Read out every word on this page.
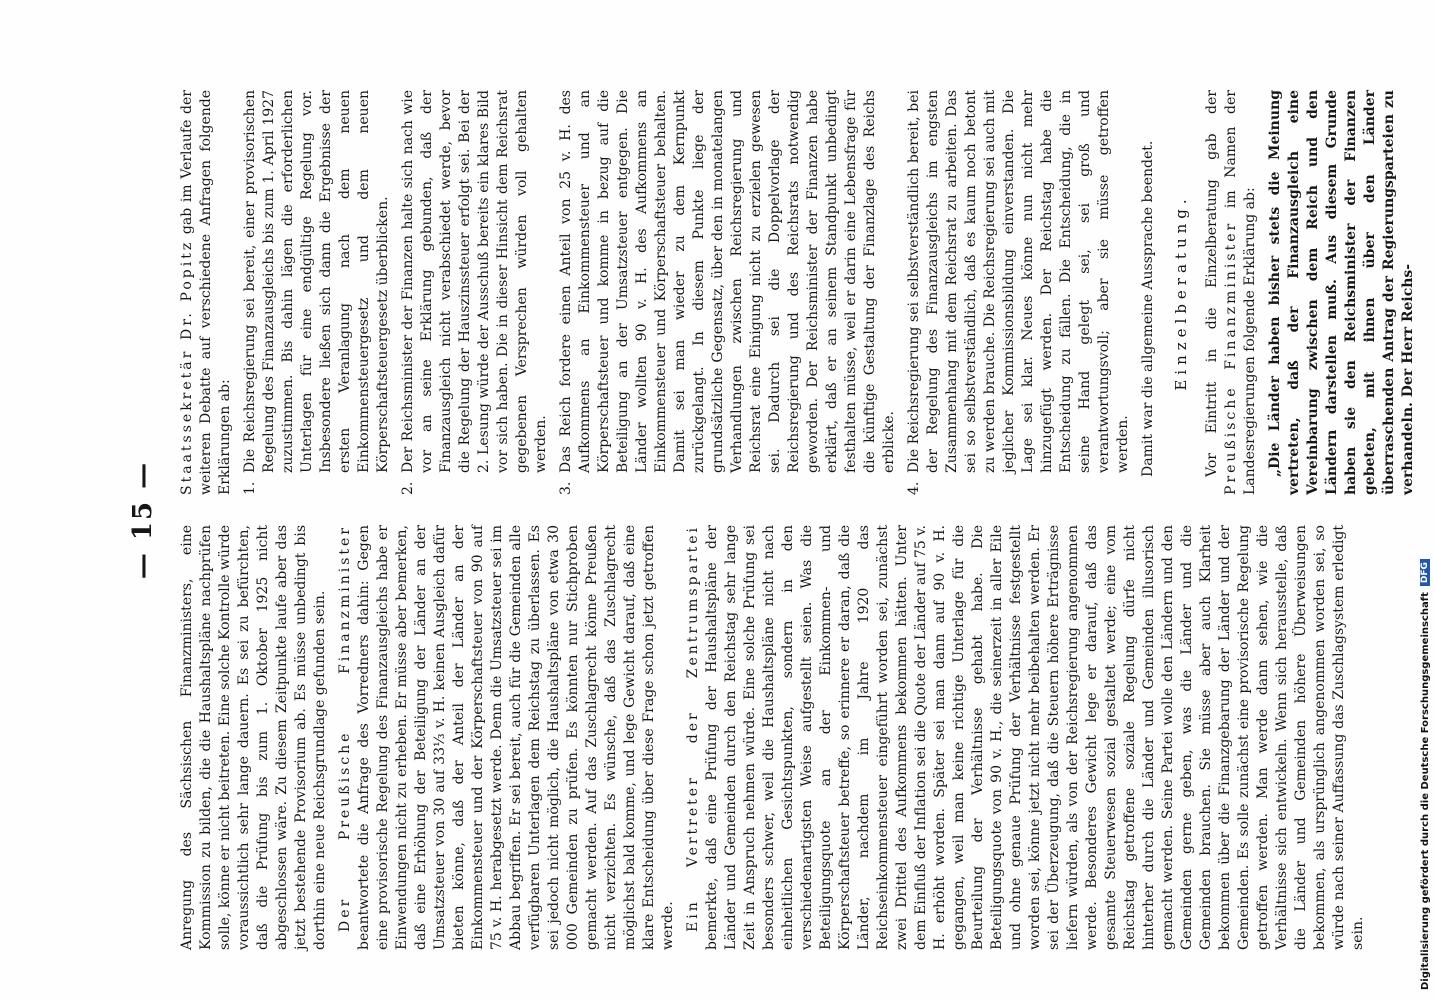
— 15 —

Anregung des Sächsischen Finanzministers, eine Kommission zu bilden, die die Haushaltspläne nachprüfen solle, könne er nicht beitreten. Eine solche Kontrolle würde voraussichtlich sehr lange dauern. Es sei zu befürchten, daß die Prüfung bis zum 1. Oktober 1925 nicht abgeschlossen wäre. Zu diesem Zeitpunkte laufe aber das jetzt bestehende Provisorium ab. Es müsse unbedingt bis dorthin eine neue Reichsgrundlage gefunden sein. Der Preußische Finanzminister beantwortete die Anfrage des Vorredners dahin: Gegen eine provisorische Regelung des Finanzausgleichs habe er Einwendungen nicht zu erheben. Er müsse aber bemerken, daß eine Erhöhung der Beteiligung der Länder an der Umsatzsteuer von 30 auf 33⅓ v. H. keinen Ausgleich dafür bieten könne, daß der Anteil der Länder an der Einkommensteuer und der Körperschaftsteuer von 90 auf 75 v. H. herabgesetzt werde. Denn die Umsatzsteuer sei im Abbau begriffen. Er sei bereit, auch für die Gemeinden alle verfügbaren Unterlagen dem Reichstag zu überlassen. Es sei jedoch nicht möglich, die Haushaltspläne von etwa 30 000 Gemeinden zu prüfen. Es könnten nur Stichproben gemacht werden. Auf das Zuschlagrecht könne Preußen nicht verzichten. Es wünsche, daß das Zuschlagrecht möglichst bald komme, und lege Gewicht darauf, daß eine klare Entscheidung über diese Frage schon jetzt getroffen werde. Ein Vertreter der Zentrumspartei bemerkte, daß eine Prüfung der Haushaltspläne der Länder und Gemeinden durch den Reichstag sehr lange Zeit in Anspruch nehmen würde. Eine solche Prüfung sei besonders schwer, weil die Haushaltspläne nicht nach einheitlichen Gesichtspunkten, sondern in den verschiedenartigsten Weise aufgestellt seien. Was die Beteiligungsquote an der Einkommen- und Körperschaftsteuer betreffe, so erinnere er daran, daß die Länder, nachdem im Jahre 1920 das Reichseinkommensteuer eingeführt worden sei, zunächst zwei Drittel des Aufkommens bekommen hätten. Unter dem Einfluß der Inflation sei die Quote der Länder auf 75 v. H. erhöht worden. Später sei man dann auf 90 v. H. gegangen, weil man keine richtige Unterlage für die Beurteilung der Verhältnisse gehabt habe. Die Beteiligungsquote von 90 v. H., die seinerzeit in aller Eile und ohne genaue Prüfung der Verhältnisse festgestellt worden sei, könne jetzt nicht mehr beibehalten werden. Er sei der Überzeugung, daß die Steuern höhere Erträgnisse liefern würden, als von der Reichsregierung angenommen werde. Besonderes Gewicht lege er darauf, daß das gesamte Steuerwesen sozial gestaltet werde; eine vom Reichstag getroffene soziale Regelung dürfe nicht hinterher durch die Länder und Gemeinden illusorisch gemacht werden. Seine Partei wolle den Ländern und den Gemeinden gerne geben, was die Länder und die Gemeinden brauchen. Sie müsse aber auch Klarheit bekommen über die Finanzgebarung der Länder und der Gemeinden. Es solle zunächst eine provisorische Regelung getroffen werden. Man werde dann sehen, wie die Verhältnisse sich entwickeln. Wenn sich herausstelle, daß die Länder und Gemeinden höhere Überweisungen bekommen, als ursprünglich angenommen worden sei, so würde nach seiner Auffassung das Zuschlagsystem erledigt sein.

Staatssekretär Dr. Popitz gab im Verlaufe der weiteren Debatte auf verschiedene Anfragen folgende Erklärungen ab: 1.
Die Reichsregierung sei bereit, einer provisorischen Regelung des Finanzausgleichs bis zum 1. April 1927 zuzustimmen. Bis dahin lägen die erforderlichen Unterlagen für eine endgültige Regelung vor. Insbesondere ließen sich dann die Ergebnisse der ersten Veranlagung nach dem neuen Einkommensteuergesetz und dem neuen Körperschaftsteuergesetz überblicken.
2.
Der Reichsminister der Finanzen halte sich nach wie vor an seine Erklärung gebunden, daß der Finanzausgleich nicht verabschiedet werde, bevor die Regelung der Hauszinssteuer erfolgt sei. Bei der 2. Lesung würde der Ausschuß bereits ein klares Bild vor sich haben. Die in dieser Hinsicht dem Reichsrat gegebenen Versprechen würden voll gehalten werden.
3.
Das Reich fordere einen Anteil von 25 v. H. des Aufkommens an Einkommensteuer und an Körperschaftsteuer und komme in bezug auf die Beteiligung an der Umsatzsteuer entgegen. Die Länder wollten 90 v. H. des Aufkommens an Einkommensteuer und Körperschaftsteuer behalten. Damit sei man wieder zu dem Kernpunkt zurückgelangt. In diesem Punkte liege der grundsätzliche Gegensatz, über den in monatelangen Verhandlungen zwischen Reichsregierung und Reichsrat eine Einigung nicht zu erzielen gewesen sei. Dadurch sei die Doppelvorlage der Reichsregierung und des Reichsrats notwendig geworden. Der Reichsminister der Finanzen habe erklärt, daß er an seinem Standpunkt unbedingt festhalten müsse, weil er darin eine Lebensfrage für die künftige Gestaltung der Finanzlage des Reichs erblicke.
4.
Die Reichsregierung sei selbstverständlich bereit, bei der Regelung des Finanzausgleichs im engsten Zusammenhang mit dem Reichsrat zu arbeiten. Das sei so selbstverständlich, daß es kaum noch betont zu werden brauche. Die Reichsregierung sei auch mit jeglicher Kommissionsbildung einverstanden. Die Lage sei klar. Neues könne nun nicht mehr hinzugefügt werden. Der Reichstag habe die Entscheidung zu fällen. Die Entscheidung, die in seine Hand gelegt sei, sei groß und verantwortungsvoll; aber sie müsse getroffen werden. Damit war die allgemeine Aussprache beendet. Einzelberatung. Vor Eintritt in die Einzelberatung gab der Preußische Finanzminister im Namen der Landesregierungen folgende Erklärung ab: „Die Länder haben bisher stets die Meinung vertreten, daß der Finanzausgleich eine Vereinbarung zwischen dem Reich und den Ländern darstellen muß. Aus diesem Grunde haben sie den Reichsminister der Finanzen gebeten, mit ihnen über den Länder überraschenden Antrag der Regierungsparteien zu verhandeln. Der Herr Reichs-

Digitalisierung gefördert durch die Deutsche Forschungsgemeinschaft
DFG
